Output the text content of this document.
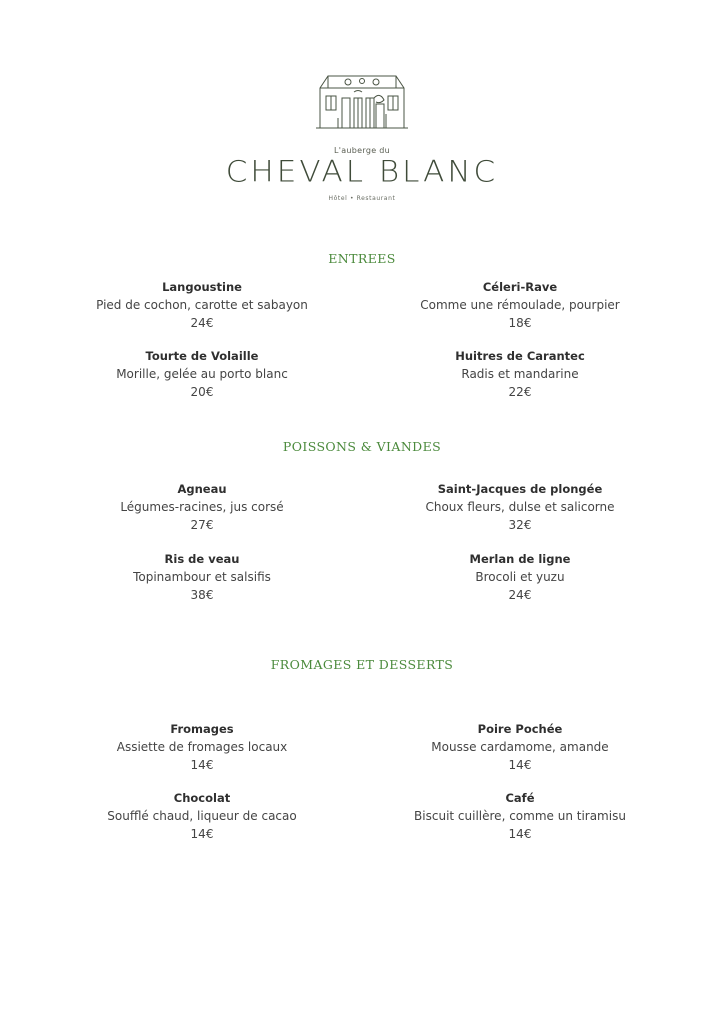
L'auberge du
CHEVAL BLANC
Hôtel • Restaurant
ENTREES
Langoustine
Pied de cochon, carotte et sabayon
24€
Céleri-Rave
Comme une rémoulade, pourpier
18€
Tourte de Volaille
Morille, gelée au porto blanc
20€
Huitres de Carantec
Radis et mandarine
22€
POISSONS & VIANDES
Agneau
Légumes-racines, jus corsé
27€
Saint-Jacques de plongée
Choux fleurs, dulse et salicorne
32€
Ris de veau
Topinambour et salsifis
38€
Merlan de ligne
Brocoli et yuzu
24€
FROMAGES ET DESSERTS
Fromages
Assiette de fromages locaux
14€
Poire Pochée
Mousse cardamome, amande
14€
Chocolat
Soufflé chaud, liqueur de cacao
14€
Café
Biscuit cuillère, comme un tiramisu
14€
